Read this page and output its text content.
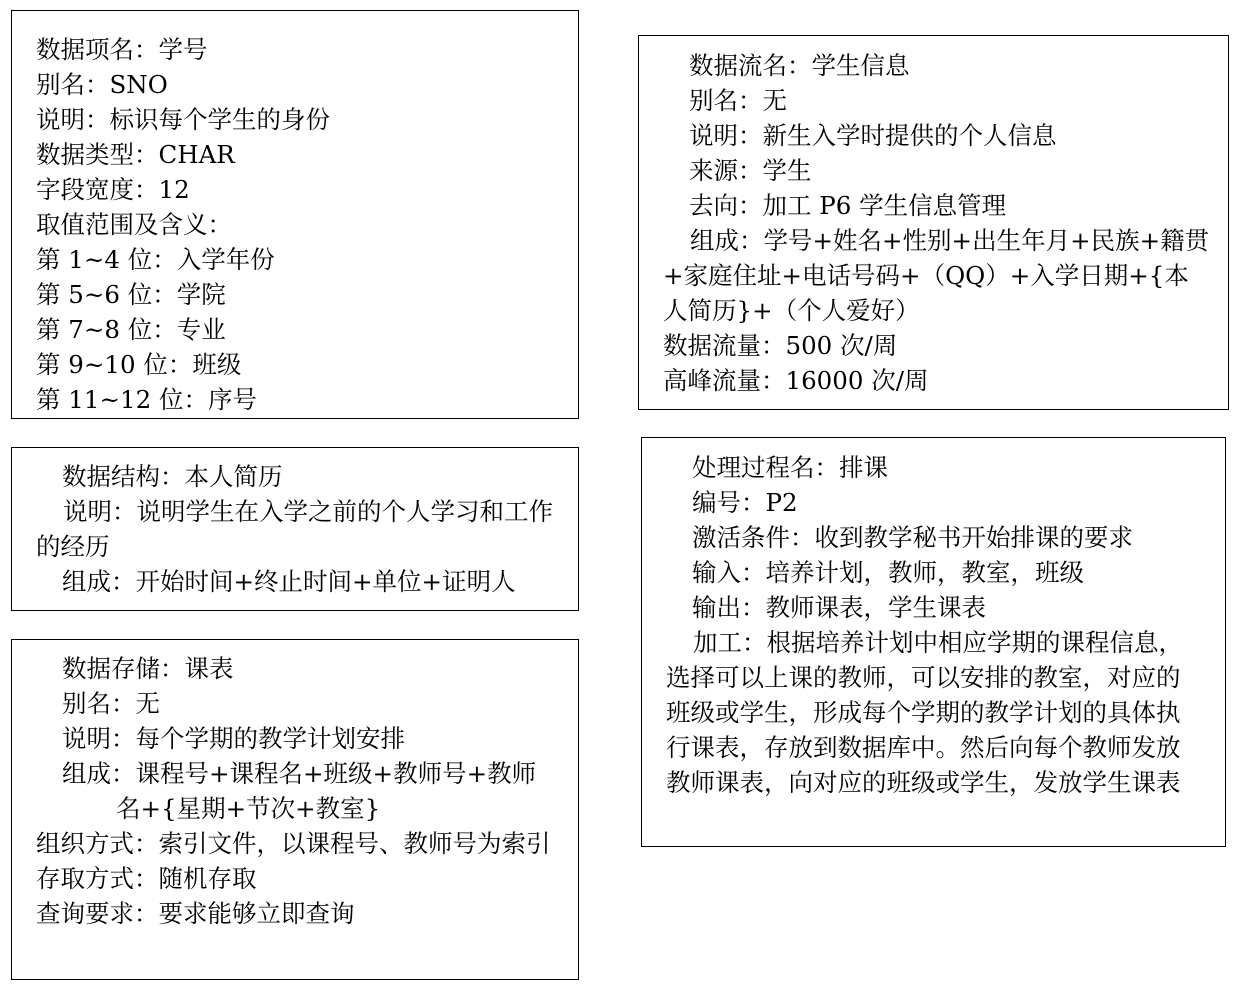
数据项名：学号
别名：SNO
说明：标识每个学生的身份
数据类型：CHAR
字段宽度：12
取值范围及含义：
第 1~4 位：入学年份
第 5~6 位：学院
第 7~8 位：专业
第 9~10 位：班级
第 11~12 位：序号
数据结构：本人简历
说明：说明学生在入学之前的个人学习和工作的经历
组成：开始时间+终止时间+单位+证明人
数据存储：课表
别名：无
说明：每个学期的教学计划安排
组成：课程号+课程名+班级+教师号+教师
名+{星期+节次+教室}
组织方式：索引文件，以课程号、教师号为索引
存取方式：随机存取
查询要求：要求能够立即查询
数据流名：学生信息
别名：无
说明：新生入学时提供的个人信息
来源：学生
去向：加工 P6 学生信息管理
组成：学号+姓名+性别+出生年月+民族+籍贯+家庭住址+电话号码+（QQ）+入学日期+{本人简历}+（个人爱好）
数据流量：500 次/周
高峰流量：16000 次/周
处理过程名：排课
编号：P2
激活条件：收到教学秘书开始排课的要求
输入：培养计划，教师，教室，班级
输出：教师课表，学生课表
加工：根据培养计划中相应学期的课程信息，选择可以上课的教师，可以安排的教室，对应的班级或学生，形成每个学期的教学计划的具体执行课表，存放到数据库中。然后向每个教师发放教师课表，向对应的班级或学生，发放学生课表
